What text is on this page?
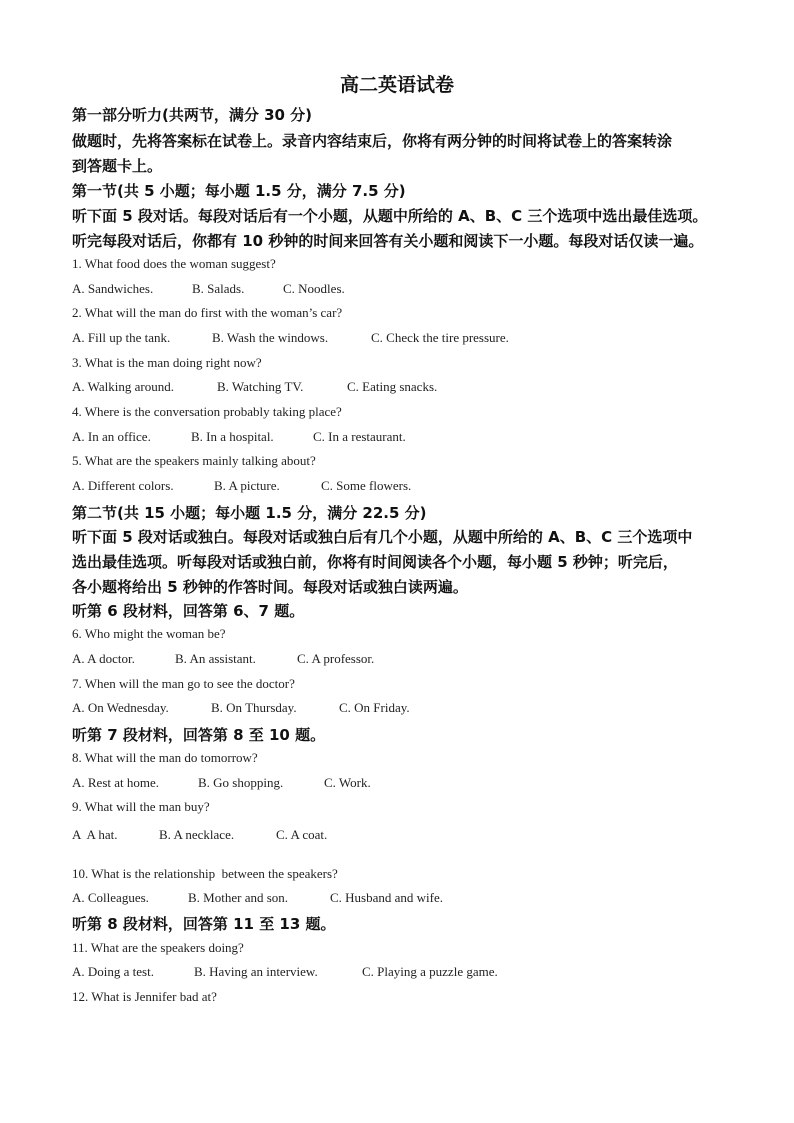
高二英语试卷
第一部分听力(共两节，满分 30 分)
做题时，先将答案标在试卷上。录音内容结束后，你将有两分钟的时间将试卷上的答案转涂
到答题卡上。
第一节(共 5 小题；每小题 1.5 分，满分 7.5 分)
听下面 5 段对话。每段对话后有一个小题，从题中所给的 A、B、C 三个选项中选出最佳选项。
听完每段对话后，你都有 10 秒钟的时间来回答有关小题和阅读下一小题。每段对话仅读一遍。
1. What food does the woman suggest?
A. Sandwiches.	B. Salads.	C. Noodles.
2. What will the man do first with the woman’s car?
A. Fill up the tank.	B. Wash the windows.	C. Check the tire pressure.
3. What is the man doing right now?
A. Walking around.	B. Watching TV.	C. Eating snacks.
4. Where is the conversation probably taking place?
A. In an office.	B. In a hospital.	C. In a restaurant.
5. What are the speakers mainly talking about?
A. Different colors.	B. A picture.	C. Some flowers.
第二节(共 15 小题；每小题 1.5 分，满分 22.5 分)
听下面 5 段对话或独白。每段对话或独白后有几个小题，从题中所给的 A、B、C 三个选项中
选出最佳选项。听每段对话或独白前，你将有时间阅读各个小题，每小题 5 秒钟；听完后，
各小题将给出 5 秒钟的作答时间。每段对话或独白读两遍。
听第 6 段材料，回答第 6、7 题。
6. Who might the woman be?
A. A doctor.	B. An assistant.	C. A professor.
7. When will the man go to see the doctor?
A. On Wednesday.	B. On Thursday.	C. On Friday.
听第 7 段材料，回答第 8 至 10 题。
8. What will the man do tomorrow?
A. Rest at home.	B. Go shopping.	C. Work.
9. What will the man buy?
A  A hat.	B. A necklace.	C. A coat.
10. What is the relationship  between the speakers?
A. Colleagues.	B. Mother and son.	C. Husband and wife.
听第 8 段材料，回答第 11 至 13 题。
11. What are the speakers doing?
A. Doing a test.	B. Having an interview.	C. Playing a puzzle game.
12. What is Jennifer bad at?
